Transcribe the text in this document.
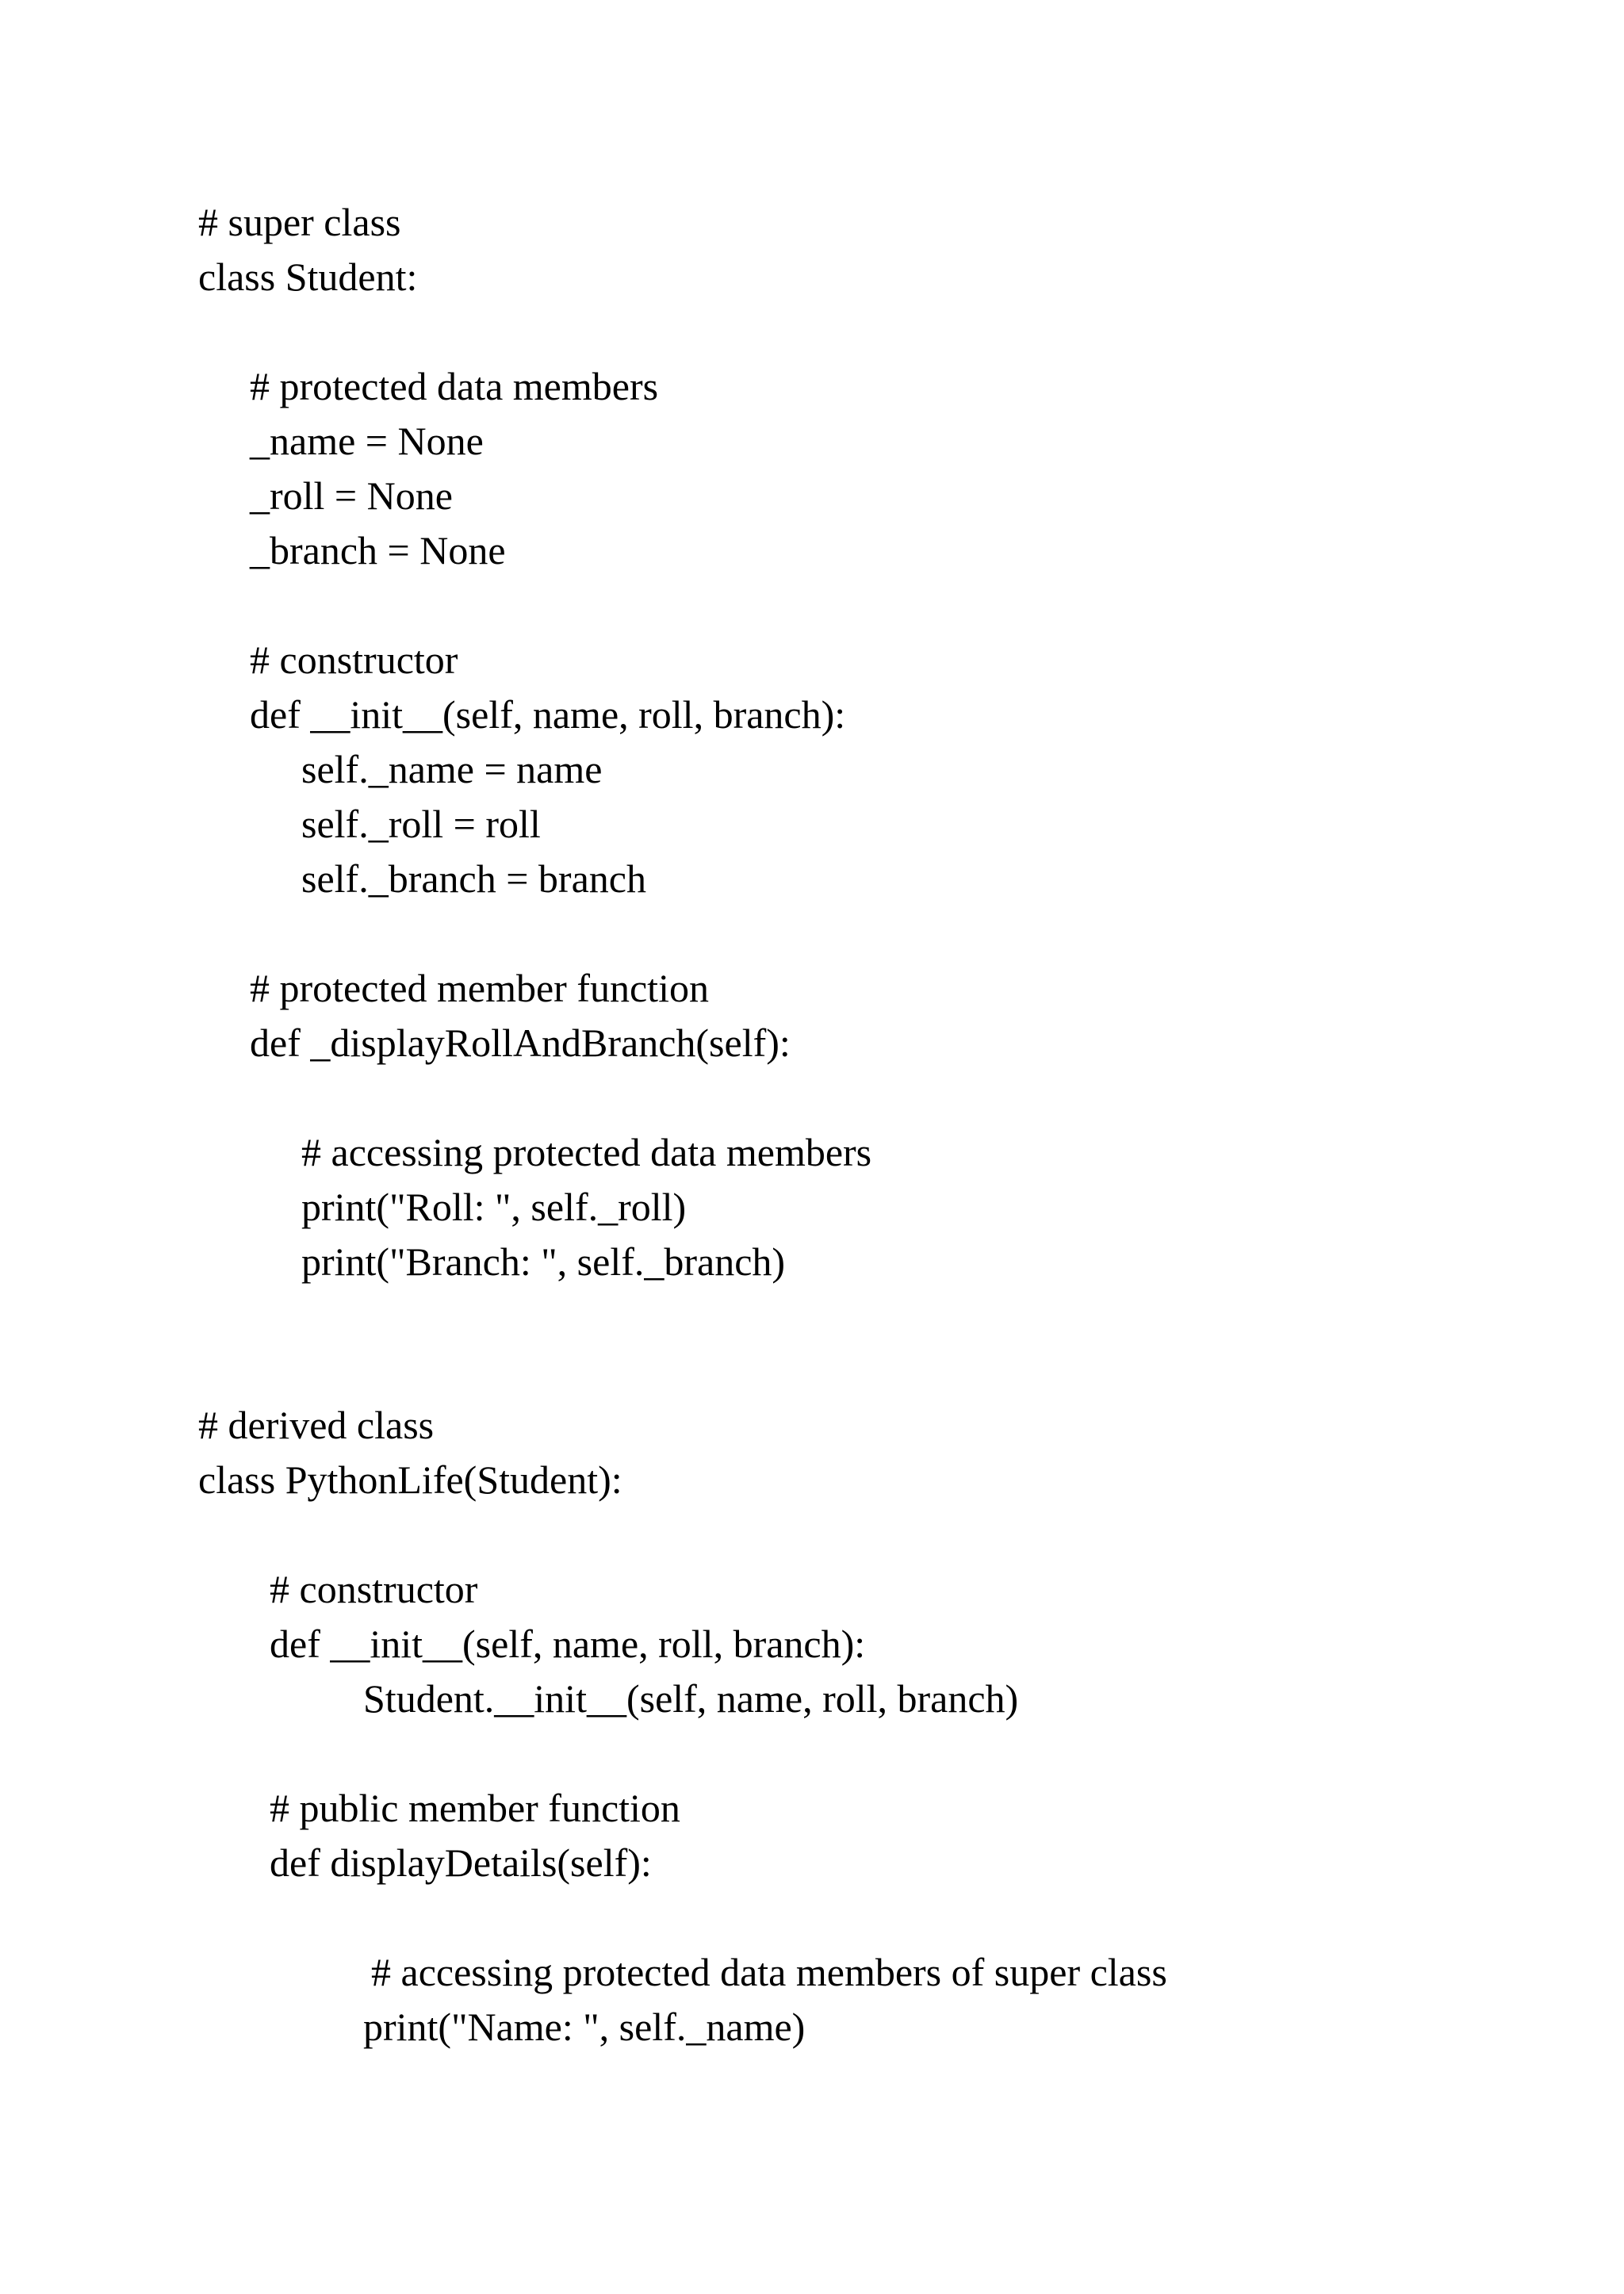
# super class
class Student:
# protected data members
_name = None
_roll = None
_branch = None
# constructor
def __init__(self, name, roll, branch):
self._name = name
self._roll = roll
self._branch = branch
# protected member function
def _displayRollAndBranch(self):
# accessing protected data members
print("Roll: ", self._roll)
print("Branch: ", self._branch)
# derived class
class PythonLife(Student):
# constructor
def __init__(self, name, roll, branch):
Student.__init__(self, name, roll, branch)
# public member function
def displayDetails(self):
# accessing protected data members of super class
print("Name: ", self._name)
